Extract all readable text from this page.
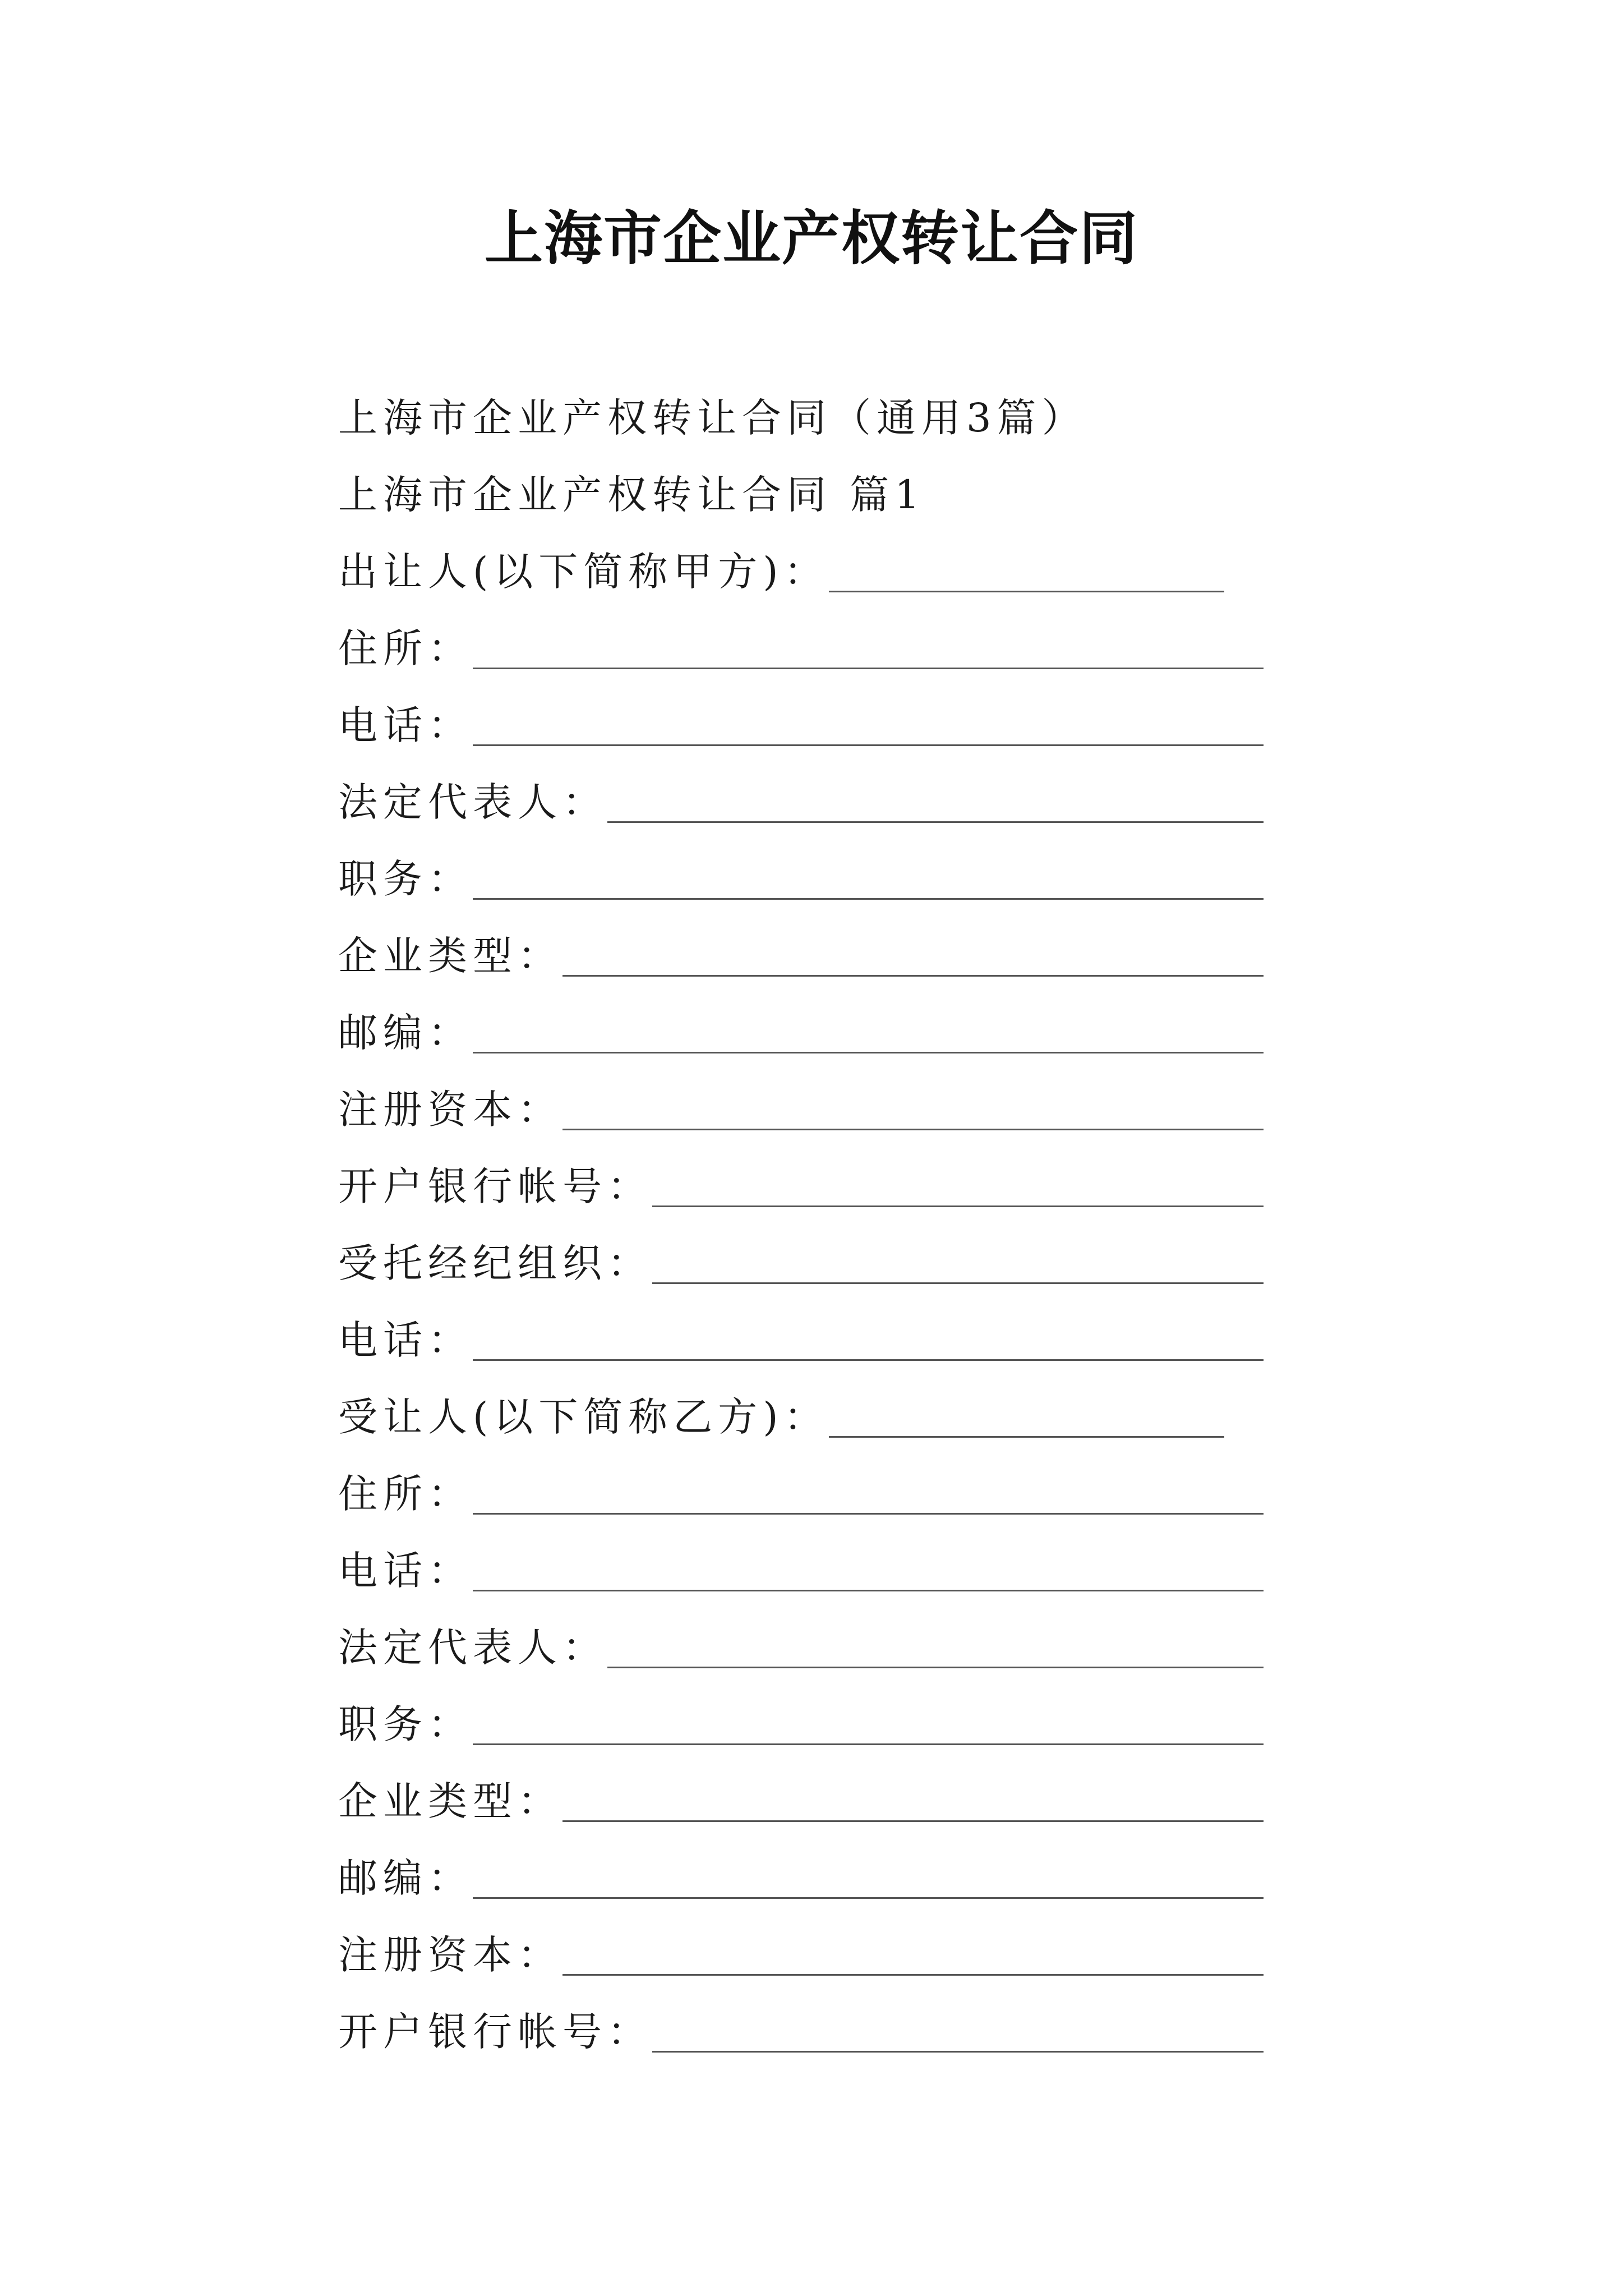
上海市企业产权转让合同
上海市企业产权转让合同（通用3篇）
上海市企业产权转让合同 篇1
出让人(以下简称甲方)：
住所：
电话：
法定代表人：
职务：
企业类型：
邮编：
注册资本：
开户银行帐号：
受托经纪组织：
电话：
受让人(以下简称乙方)：
住所：
电话：
法定代表人：
职务：
企业类型：
邮编：
注册资本：
开户银行帐号：
